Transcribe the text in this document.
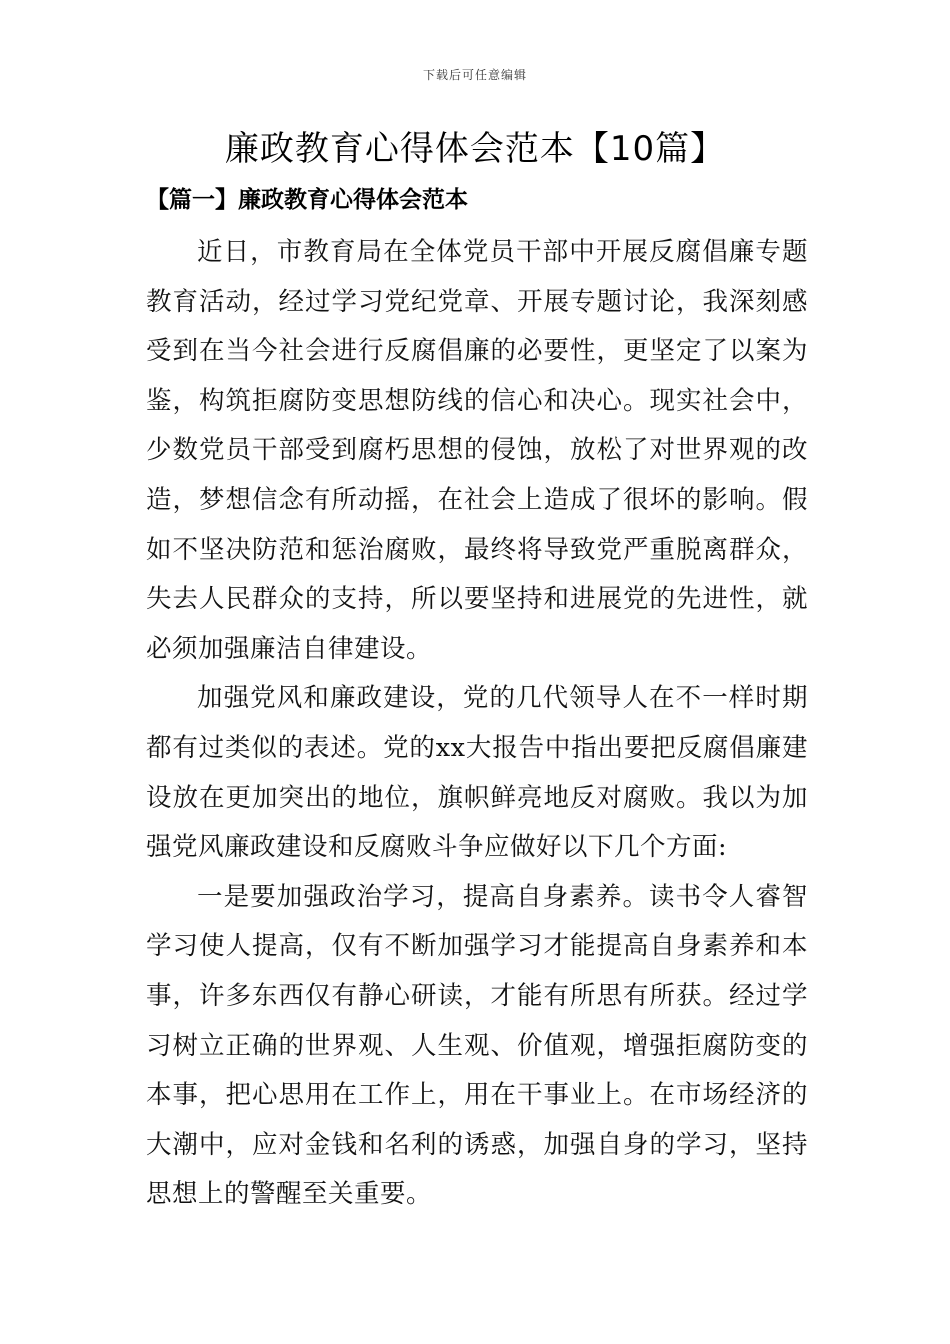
下载后可任意编辑
廉政教育心得体会范本【10篇】
【篇一】廉政教育心得体会范本

近日，市教育局在全体党员干部中开展反腐倡廉专题教育活动，经过学习党纪党章、开展专题讨论，我深刻感受到在当今社会进行反腐倡廉的必要性，更坚定了以案为鉴，构筑拒腐防变思想防线的信心和决心。现实社会中，少数党员干部受到腐朽思想的侵蚀，放松了对世界观的改造，梦想信念有所动摇，在社会上造成了很坏的影响。假如不坚决防范和惩治腐败，最终将导致党严重脱离群众，失去人民群众的支持，所以要坚持和进展党的先进性，就必须加强廉洁自律建设。

加强党风和廉政建设，党的几代领导人在不一样时期都有过类似的表述。党的xx大报告中指出要把反腐倡廉建设放在更加突出的地位，旗帜鲜亮地反对腐败。我以为加强党风廉政建设和反腐败斗争应做好以下几个方面:

一是要加强政治学习，提高自身素养。读书令人睿智学习使人提高，仅有不断加强学习才能提高自身素养和本事，许多东西仅有静心研读，才能有所思有所获。经过学习树立正确的世界观、人生观、价值观，增强拒腐防变的本事，把心思用在工作上，用在干事业上。在市场经济的大潮中，应对金钱和名利的诱惑，加强自身的学习，坚持思想上的警醒至关重要。
